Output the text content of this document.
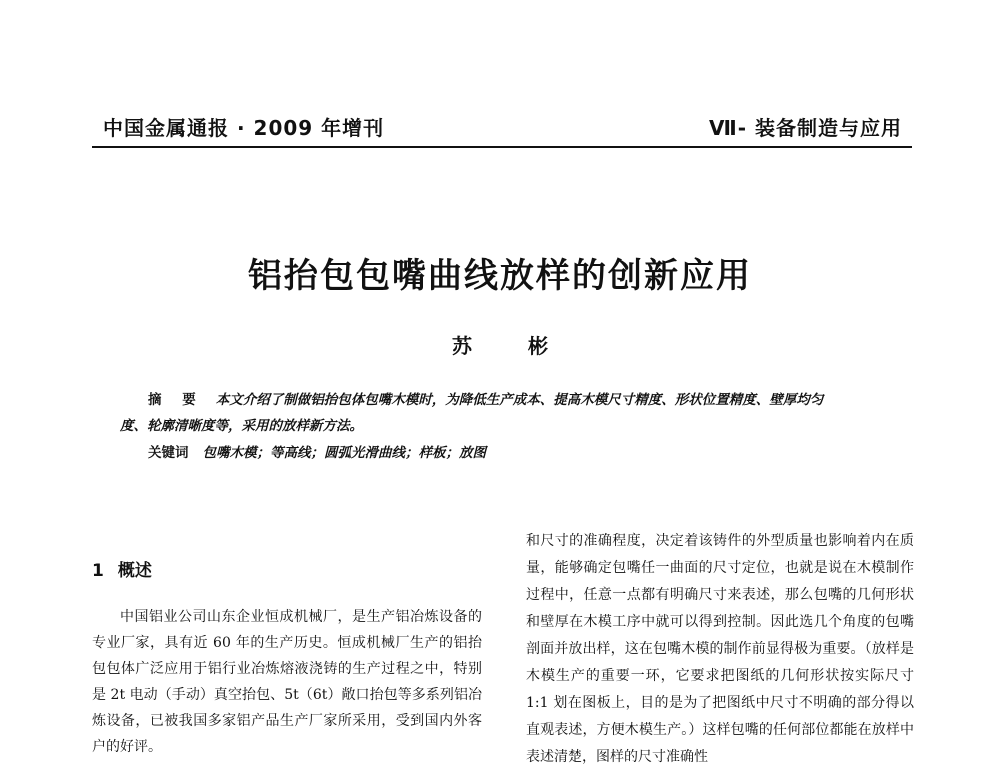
中国金属通报 · 2009 年增刊	Ⅶ- 装备制造与应用
铝抬包包嘴曲线放样的创新应用
苏　彬
摘 要 本文介绍了制做铝抬包体包嘴木模时，为降低生产成本、提高木模尺寸精度、形状位置精度、壁厚均匀
度、轮廓清晰度等，采用的放样新方法。
关键词 包嘴木模；等高线；圆弧光滑曲线；样板；放图
1 概述

中国铝业公司山东企业恒成机械厂，是生产铝冶炼设备的专业厂家，具有近 60 年的生产历史。恒成机械厂生产的铝抬包包体广泛应用于铝行业冶炼熔液浇铸的生产过程之中，特别是 2t 电动（手动）真空抬包、5t（6t）敞口抬包等多系列铝冶炼设备，已被我国多家铝产品生产厂家所采用，受到国内外客户的好评。

和尺寸的准确程度，决定着该铸件的外型质量也影响着内在质量，能够确定包嘴任一曲面的尺寸定位，也就是说在木模制作过程中，任意一点都有明确尺寸来表述，那么包嘴的几何形状和壁厚在木模工序中就可以得到控制。因此选几个角度的包嘴剖面并放出样，这在包嘴木模的制作前显得极为重要。（放样是木模生产的重要一环，它要求把图纸的几何形状按实际尺寸 1:1 划在图板上，目的是为了把图纸中尺寸不明确的部分得以直观表述，方便木模生产。）这样包嘴的任何部位都能在放样中表述清楚，图样的尺寸准确性
